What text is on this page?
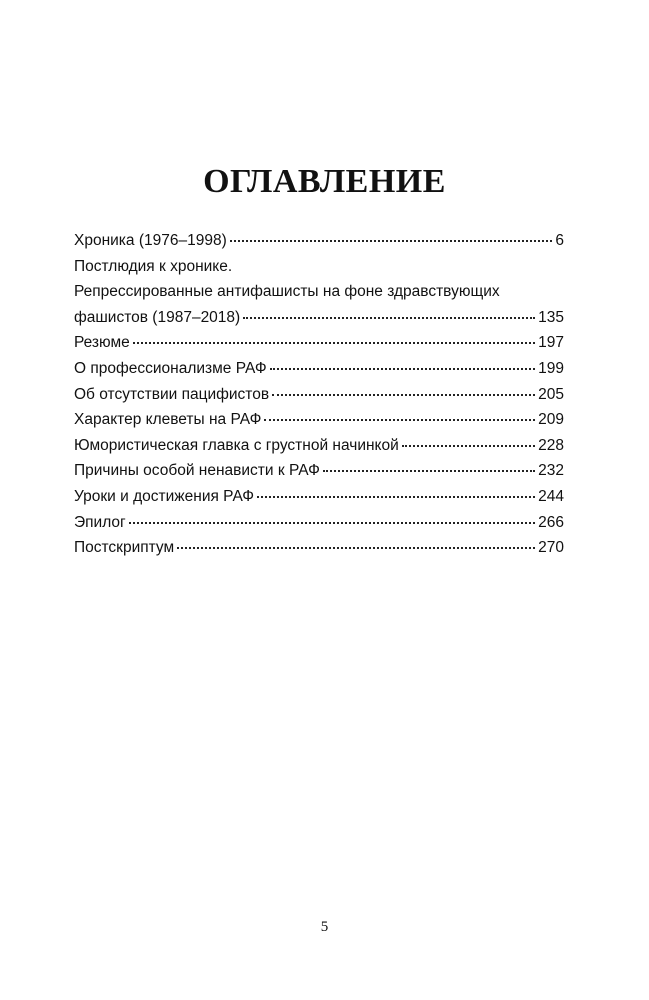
ОГЛАВЛЕНИЕ
Хроника (1976–1998)	6
Постлюдия к хронике.
Репрессированные антифашисты на фоне здравствующих
фашистов (1987–2018)	135
Резюме	197
О профессионализме РАФ	199
Об отсутствии пацифистов	205
Характер клеветы на РАФ	209
Юмористическая главка с грустной начинкой	228
Причины особой ненависти к РАФ	232
Уроки и достижения РАФ	244
Эпилог	266
Постскриптум	270
5
